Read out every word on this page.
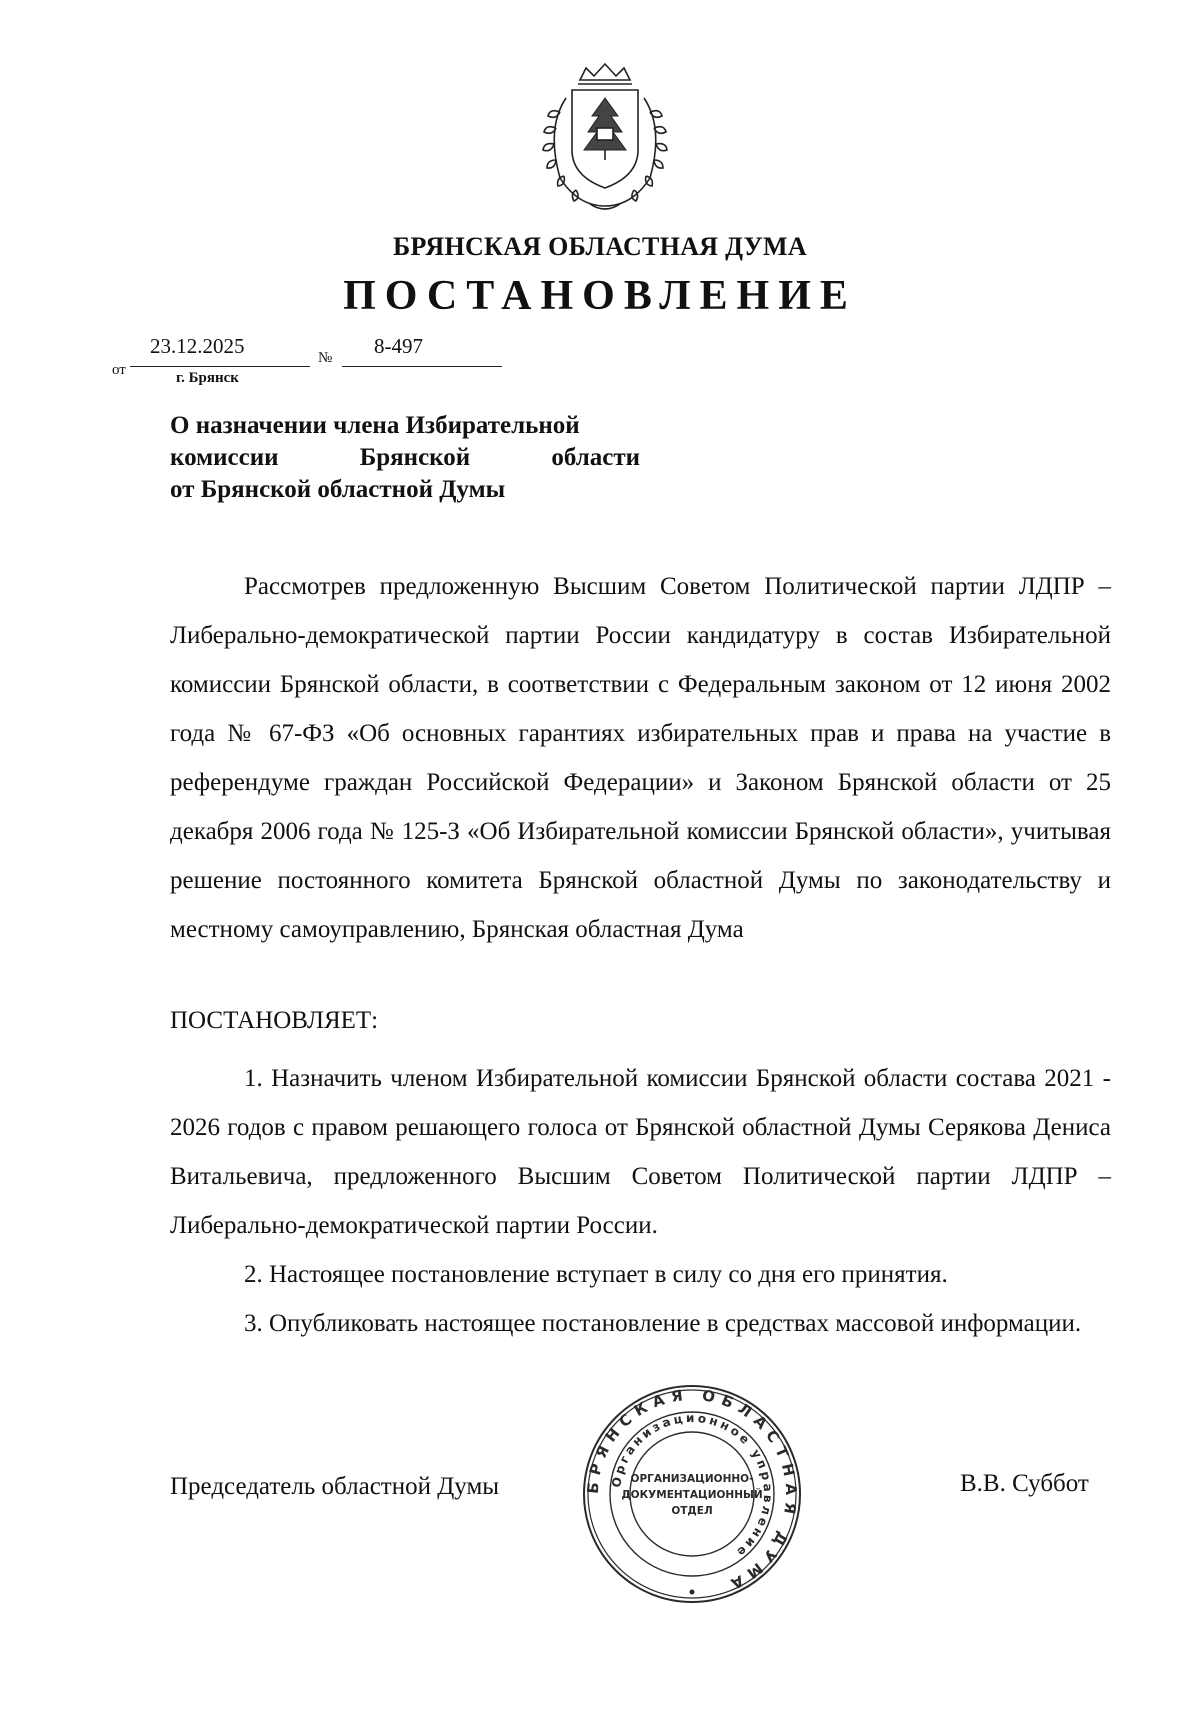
БРЯНСКАЯ ОБЛАСТНАЯ ДУМА
ПОСТАНОВЛЕНИЕ
от
23.12.2025	№ 8-497
г. Брянск
О назначении члена Избирательной
комиссии Брянской области
от Брянской областной Думы

Рассмотрев предложенную Высшим Советом Политической партии ЛДПР – Либерально-демократической партии России кандидатуру в состав Избирательной комиссии Брянской области, в соответствии с Федеральным законом от 12 июня 2002 года № 67-ФЗ «Об основных гарантиях избирательных прав и права на участие в референдуме граждан Российской Федерации» и Законом Брянской области от 25 декабря 2006 года № 125-З «Об Избирательной комиссии Брянской области», учитывая решение постоянного комитета Брянской областной Думы по законодательству и местному самоуправлению, Брянская областная Дума

ПОСТАНОВЛЯЕТ:

1. Назначить членом Избирательной комиссии Брянской области состава 2021 - 2026 годов с правом решающего голоса от Брянской областной Думы Серякова Дениса Витальевича, предложенного Высшим Советом Политической партии ЛДПР – Либерально-демократической партии России.

2. Настоящее постановление вступает в силу со дня его принятия.

3. Опубликовать настоящее постановление в средствах массовой информации.

Председатель областной Думы	БРЯНСКАЯ ОБЛАСТНАЯ ДУМА
Организационное управление
ОРГАНИЗАЦИОННО-
ДОКУМЕНТАЦИОННЫЙ
ОТДЕЛ
В.В. Суббот
